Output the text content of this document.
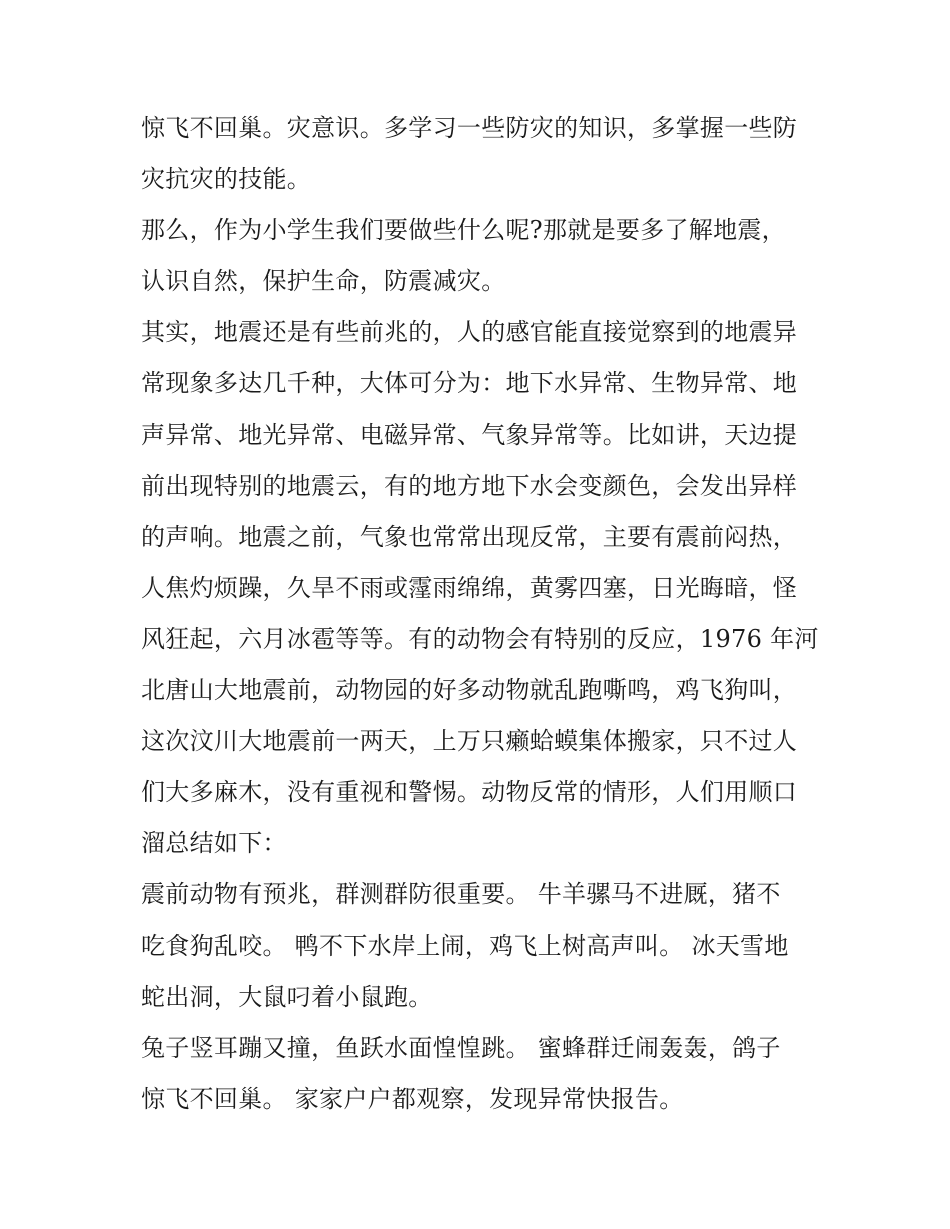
惊飞不回巢。灾意识。多学习一些防灾的知识，多掌握一些防
灾抗灾的技能。
那么，作为小学生我们要做些什么呢?那就是要多了解地震，
认识自然，保护生命，防震减灾。
其实，地震还是有些前兆的，人的感官能直接觉察到的地震异
常现象多达几千种，大体可分为：地下水异常、生物异常、地
声异常、地光异常、电磁异常、气象异常等。比如讲，天边提
前出现特别的地震云，有的地方地下水会变颜色，会发出异样
的声响。地震之前，气象也常常出现反常，主要有震前闷热，
人焦灼烦躁，久旱不雨或霪雨绵绵，黄雾四塞，日光晦暗，怪
风狂起，六月冰雹等等。有的动物会有特别的反应，1976 年河
北唐山大地震前，动物园的好多动物就乱跑嘶鸣，鸡飞狗叫，
这次汶川大地震前一两天，上万只癞蛤蟆集体搬家，只不过人
们大多麻木，没有重视和警惕。动物反常的情形，人们用顺口
溜总结如下：
震前动物有预兆，群测群防很重要。 牛羊骡马不进厩，猪不
吃食狗乱咬。 鸭不下水岸上闹，鸡飞上树高声叫。 冰天雪地
蛇出洞，大鼠叼着小鼠跑。
兔子竖耳蹦又撞，鱼跃水面惶惶跳。 蜜蜂群迁闹轰轰，鸽子
惊飞不回巢。 家家户户都观察，发现异常快报告。
